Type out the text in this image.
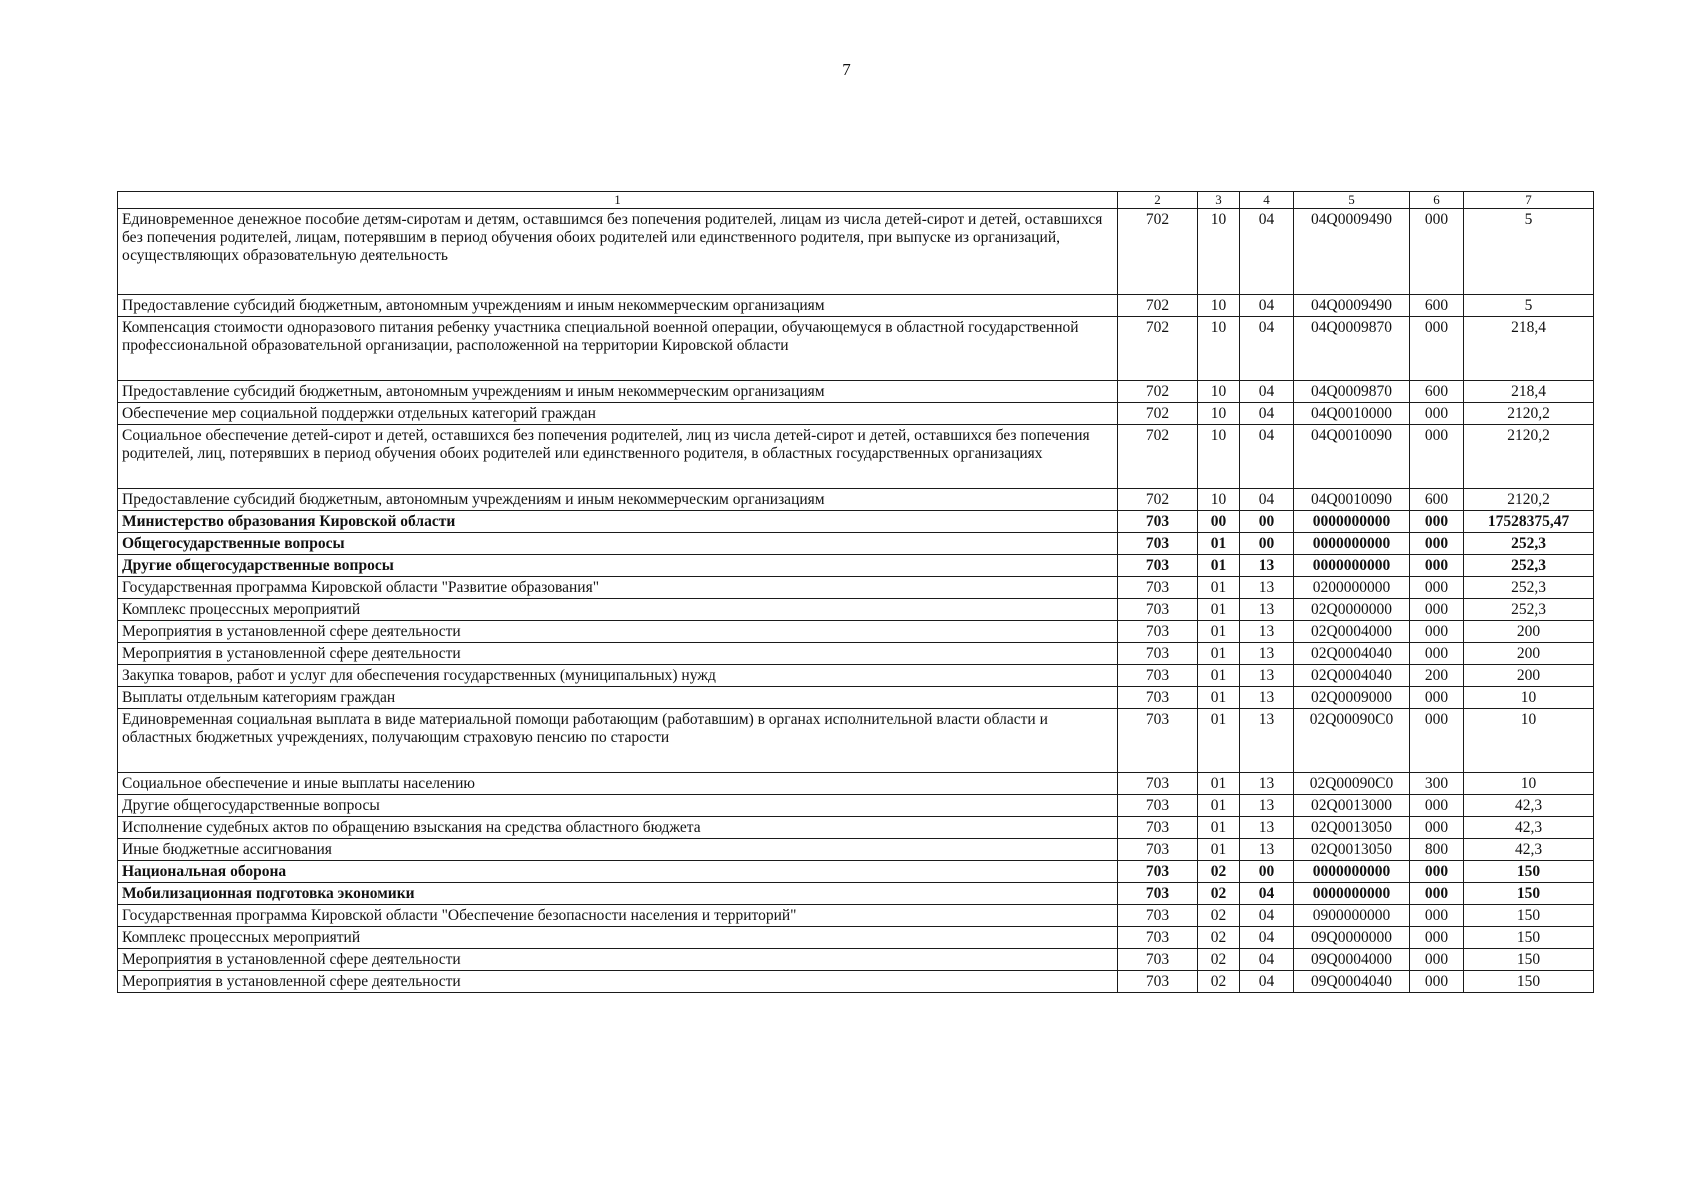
7
1	2	3	4	5	6	7
Единовременное денежное пособие детям-сиротам и детям, оставшимся без попечения родителей, лицам из числа детей-сирот и детей, оставшихся без попечения родителей, лицам, потерявшим в период обучения обоих родителей или единственного родителя, при выпуске из организаций, осуществляющих образовательную деятельность	702	10	04	04Q0009490	000	5
Предоставление субсидий бюджетным, автономным учреждениям и иным некоммерческим организациям	702	10	04	04Q0009490	600	5
Компенсация стоимости одноразового питания ребенку участника специальной военной операции, обучающемуся в областной государственной профессиональной образовательной организации, расположенной на территории Кировской области	702	10	04	04Q0009870	000	218,4
Предоставление субсидий бюджетным, автономным учреждениям и иным некоммерческим организациям	702	10	04	04Q0009870	600	218,4
Обеспечение мер социальной поддержки отдельных категорий граждан	702	10	04	04Q0010000	000	2120,2
Социальное обеспечение детей-сирот и детей, оставшихся без попечения родителей, лиц из числа детей-сирот и детей, оставшихся без попечения родителей, лиц, потерявших в период обучения обоих родителей или единственного родителя, в областных государственных организациях	702	10	04	04Q0010090	000	2120,2
Предоставление субсидий бюджетным, автономным учреждениям и иным некоммерческим организациям	702	10	04	04Q0010090	600	2120,2
Министерство образования Кировской области	703	00	00	0000000000	000	17528375,47
Общегосударственные вопросы	703	01	00	0000000000	000	252,3
Другие общегосударственные вопросы	703	01	13	0000000000	000	252,3
Государственная программа Кировской области "Развитие образования"	703	01	13	0200000000	000	252,3
Комплекс процессных мероприятий	703	01	13	02Q0000000	000	252,3
Мероприятия в установленной сфере деятельности	703	01	13	02Q0004000	000	200
Мероприятия в установленной сфере деятельности	703	01	13	02Q0004040	000	200
Закупка товаров, работ и услуг для обеспечения государственных (муниципальных) нужд	703	01	13	02Q0004040	200	200
Выплаты отдельным категориям граждан	703	01	13	02Q0009000	000	10
Единовременная социальная выплата в виде материальной помощи работающим (работавшим) в органах исполнительной власти области и областных бюджетных учреждениях, получающим страховую пенсию по старости	703	01	13	02Q00090C0	000	10
Социальное обеспечение и иные выплаты населению	703	01	13	02Q00090C0	300	10
Другие общегосударственные вопросы	703	01	13	02Q0013000	000	42,3
Исполнение судебных актов по обращению взыскания на средства областного бюджета	703	01	13	02Q0013050	000	42,3
Иные бюджетные ассигнования	703	01	13	02Q0013050	800	42,3
Национальная оборона	703	02	00	0000000000	000	150
Мобилизационная подготовка экономики	703	02	04	0000000000	000	150
Государственная программа Кировской области "Обеспечение безопасности населения и территорий"	703	02	04	0900000000	000	150
Комплекс процессных мероприятий	703	02	04	09Q0000000	000	150
Мероприятия в установленной сфере деятельности	703	02	04	09Q0004000	000	150
Мероприятия в установленной сфере деятельности	703	02	04	09Q0004040	000	150
